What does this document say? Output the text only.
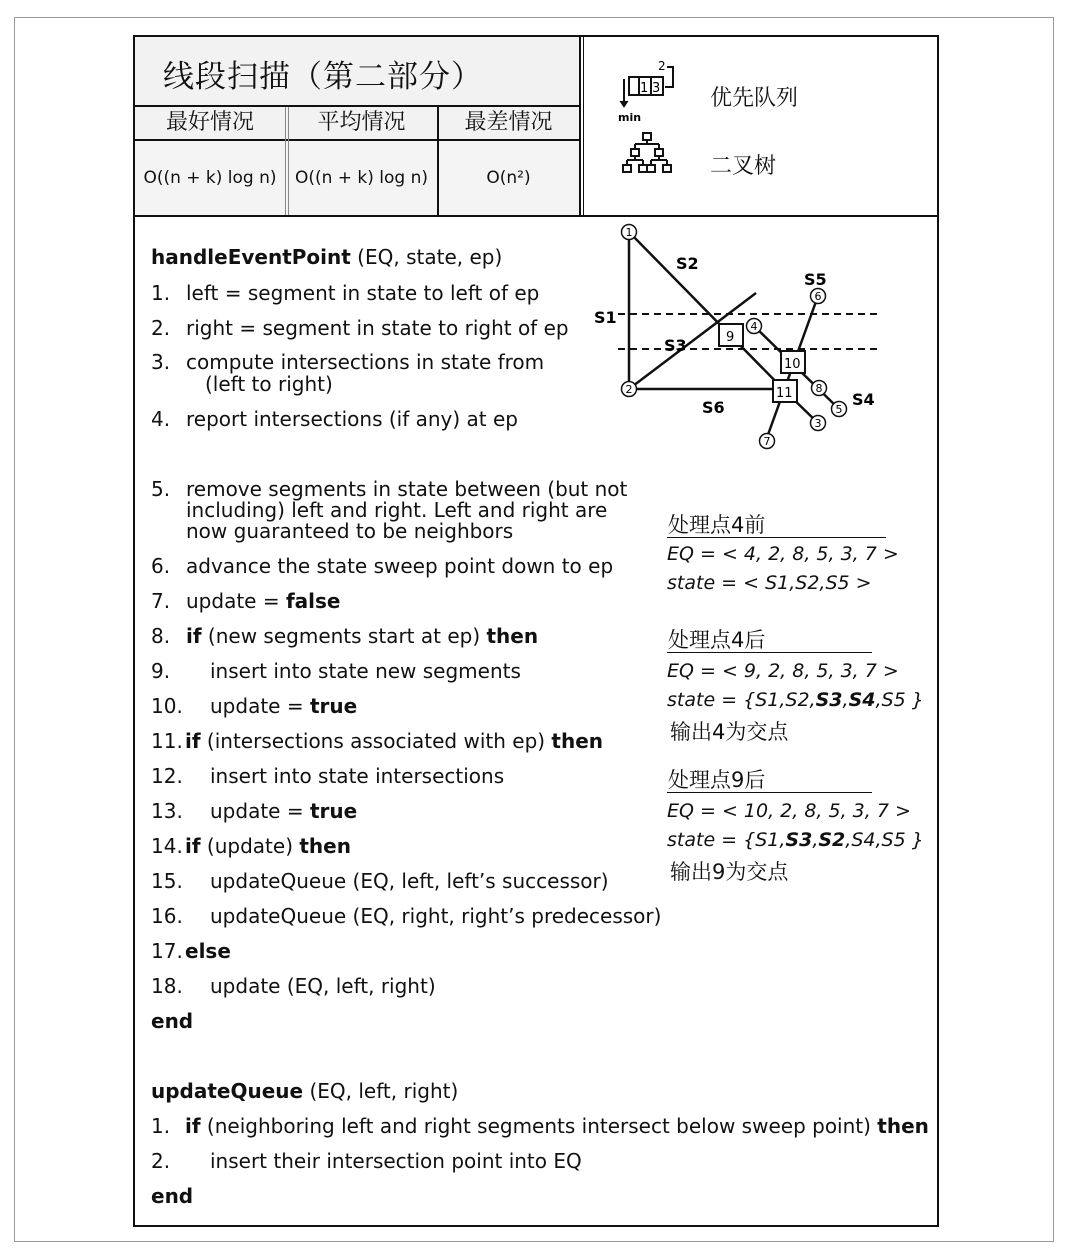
线段扫描（第二部分）
最好情况	平均情况	最差情况
O((n + k) log n)	O((n + k) log n)	O(n²)
1 3
2
min
优先队列
二叉树
handleEventPoint (EQ, state, ep)
1. left = segment in state to left of ep
2. right = segment in state to right of ep
3. compute intersections in state from
(left to right)
4. report intersections (if any) at ep
5. remove segments in state between (but not
including) left and right. Left and right are
now guaranteed to be neighbors
6. advance the state sweep point down to ep
7. update = false
8. if (new segments start at ep) then
9. insert into state new segments
10. update = true
11. if (intersections associated with ep) then
12. insert into state intersections
13. update = true
14. if (update) then
15. updateQueue (EQ, left, left’s successor)
16. updateQueue (EQ, right, right’s predecessor)
17. else
18. update (EQ, left, right)
end
updateQueue (EQ, left, right)
1. if (neighboring left and right segments intersect below sweep point) then
2. insert their intersection point into EQ
end
9
10
11
1
2
3
4
5
6
7
8
S1
S2
S3
S4
S5
S6
处理点4前
EQ = < 4, 2, 8, 5, 3, 7 >
state = < S1,S2,S5 >
处理点4后
EQ = < 9, 2, 8, 5, 3, 7 >
state = {S1,S2,S3,S4,S5 }
输出4为交点
处理点9后
EQ = < 10, 2, 8, 5, 3, 7 >
state = {S1,S3,S2,S4,S5 }
输出9为交点
